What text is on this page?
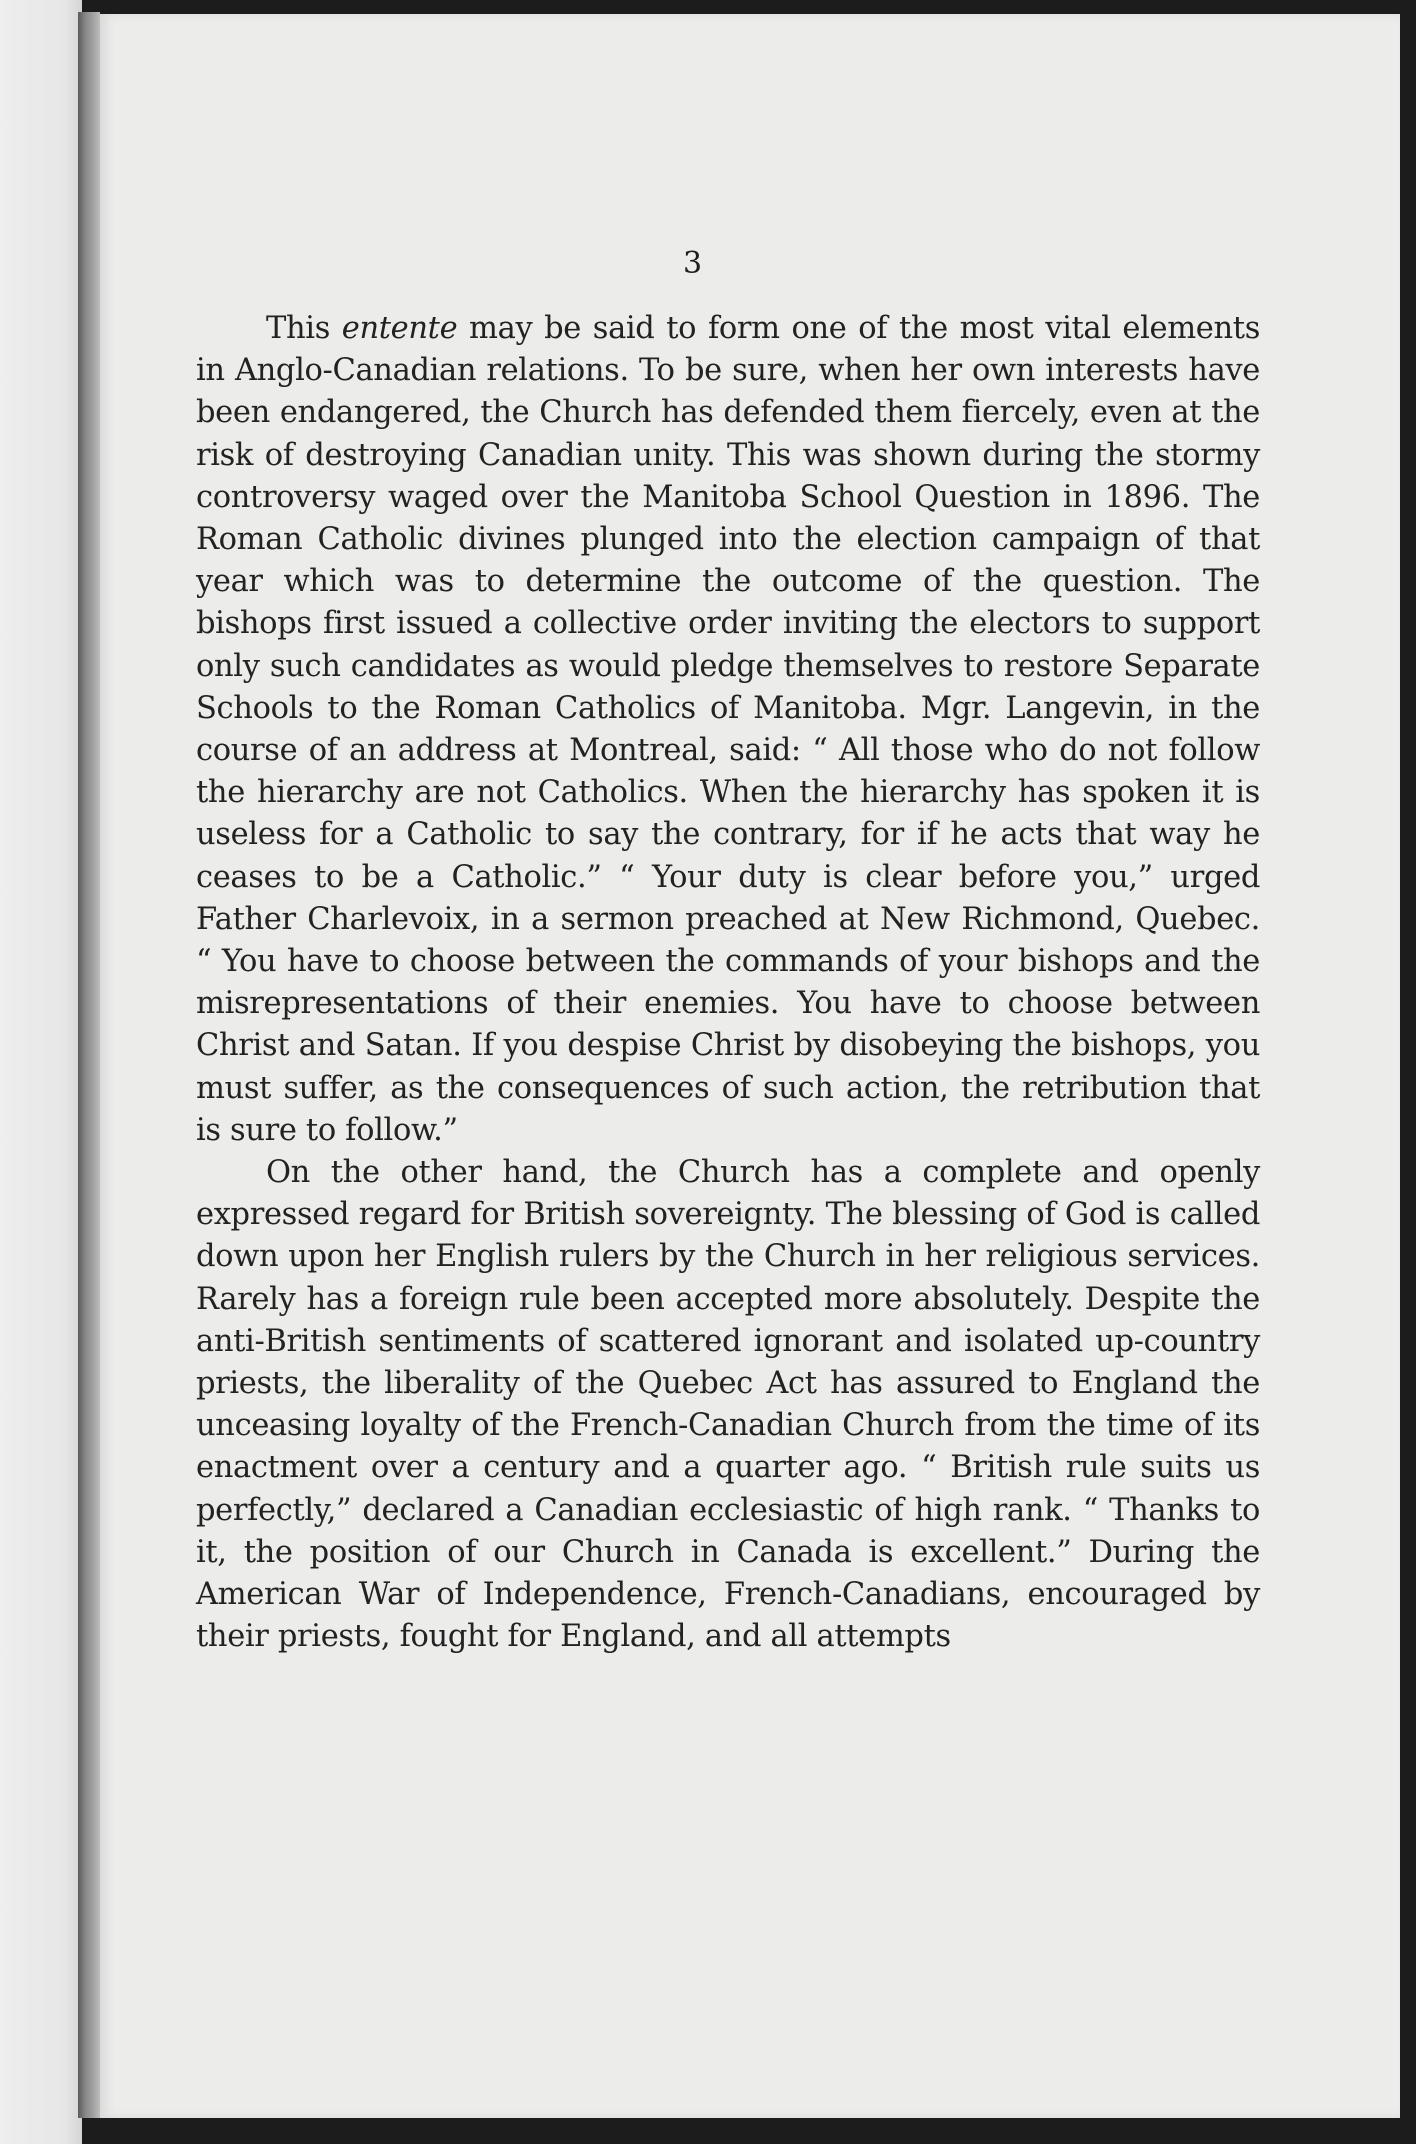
3

This entente may be said to form one of the most vital elements in Anglo-Canadian relations. To be sure, when her own interests have been endangered, the Church has defended them fiercely, even at the risk of destroying Canadian unity. This was shown during the stormy controversy waged over the Manitoba School Question in 1896. The Roman Catholic divines plunged into the election campaign of that year which was to determine the outcome of the question. The bishops first issued a collective order inviting the electors to support only such candidates as would pledge themselves to restore Separate Schools to the Roman Catholics of Manitoba. Mgr. Langevin, in the course of an address at Montreal, said: “ All those who do not follow the hierarchy are not Catholics. When the hierarchy has spoken it is useless for a Catholic to say the contrary, for if he acts that way he ceases to be a Catholic.” “ Your duty is clear before you,” urged Father Charlevoix, in a sermon preached at New Richmond, Quebec. “ You have to choose between the commands of your bishops and the misrepresentations of their enemies. You have to choose between Christ and Satan. If you despise Christ by disobeying the bishops, you must suffer, as the consequences of such action, the retribution that is sure to follow.”

On the other hand, the Church has a complete and openly expressed regard for British sovereignty. The blessing of God is called down upon her English rulers by the Church in her religious services. Rarely has a foreign rule been accepted more absolutely. Despite the anti-British sentiments of scattered ignorant and isolated up-country priests, the liberality of the Quebec Act has assured to England the unceasing loyalty of the French-Canadian Church from the time of its enactment over a century and a quarter ago. “ British rule suits us perfectly,” declared a Canadian ecclesiastic of high rank. “ Thanks to it, the position of our Church in Canada is excellent.” During the American War of Independence, French-Canadians, encouraged by their priests, fought for England, and all attempts
